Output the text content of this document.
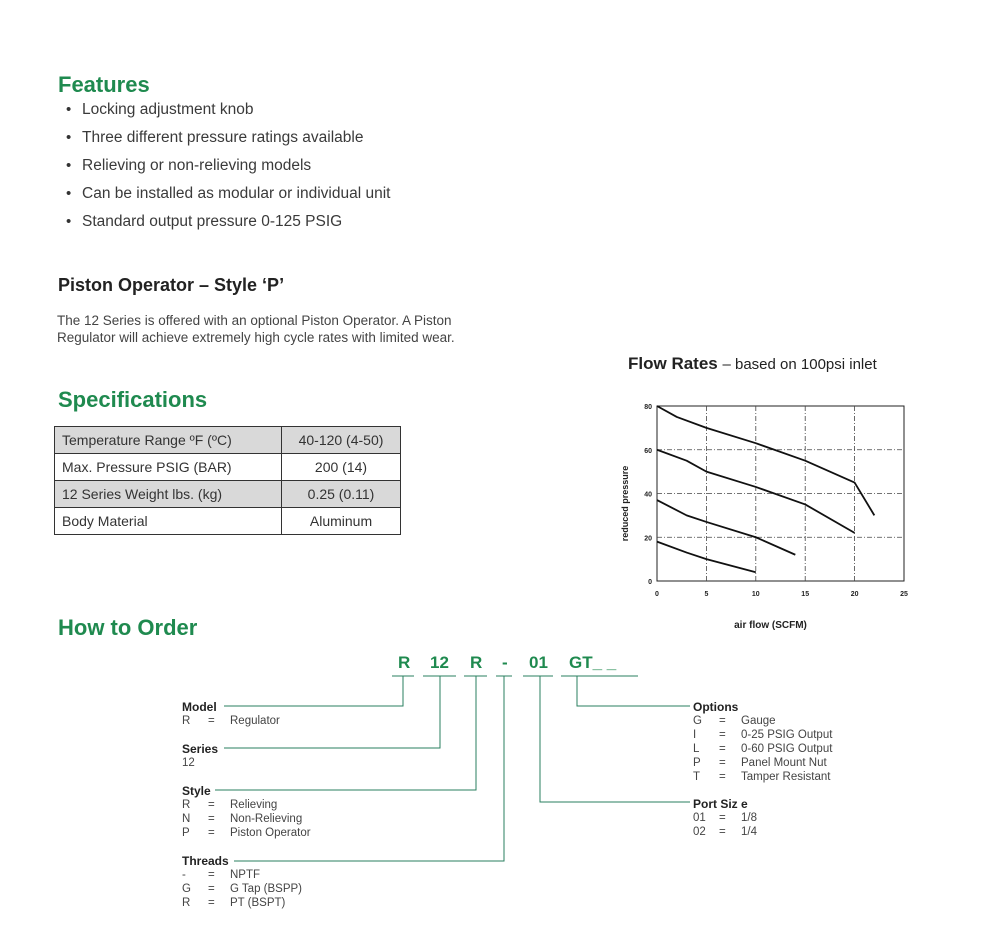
Features
• Locking adjustment knob
• Three different pressure ratings available
• Relieving or non-relieving models
• Can be installed as modular or individual unit
• Standard output pressure 0-125 PSIG
Piston Operator – Style ‘P’
The 12 Series is offered with an optional Piston Operator. A Piston Regulator will achieve extremely high cycle rates with limited wear.
Specifications
Temperature Range ºF (ºC)	40-120 (4-50)
Max. Pressure PSIG (BAR)	200 (14)
12 Series Weight lbs. (kg)	0.25 (0.11)
Body Material	Aluminum
Flow Rates – based on 100psi inlet
0	5	10	15	20	25
0
20
40
60
80
air flow (SCFM)
reduced pressure
How to Order
R 12 R - 01 GT_ _
Model
R = Regulator
Series
12
Style
R = Relieving
N = Non-Relieving
P = Piston Operator
Threads
- = NPTF
G = G Tap (BSPP)
R = PT (BSPT)
Options
G = Gauge
I = 0-25 PSIG Output
L = 0-60 PSIG Output
P = Panel Mount Nut
T = Tamper Resistant
Port Siz e
01 = 1/8
02 = 1/4
